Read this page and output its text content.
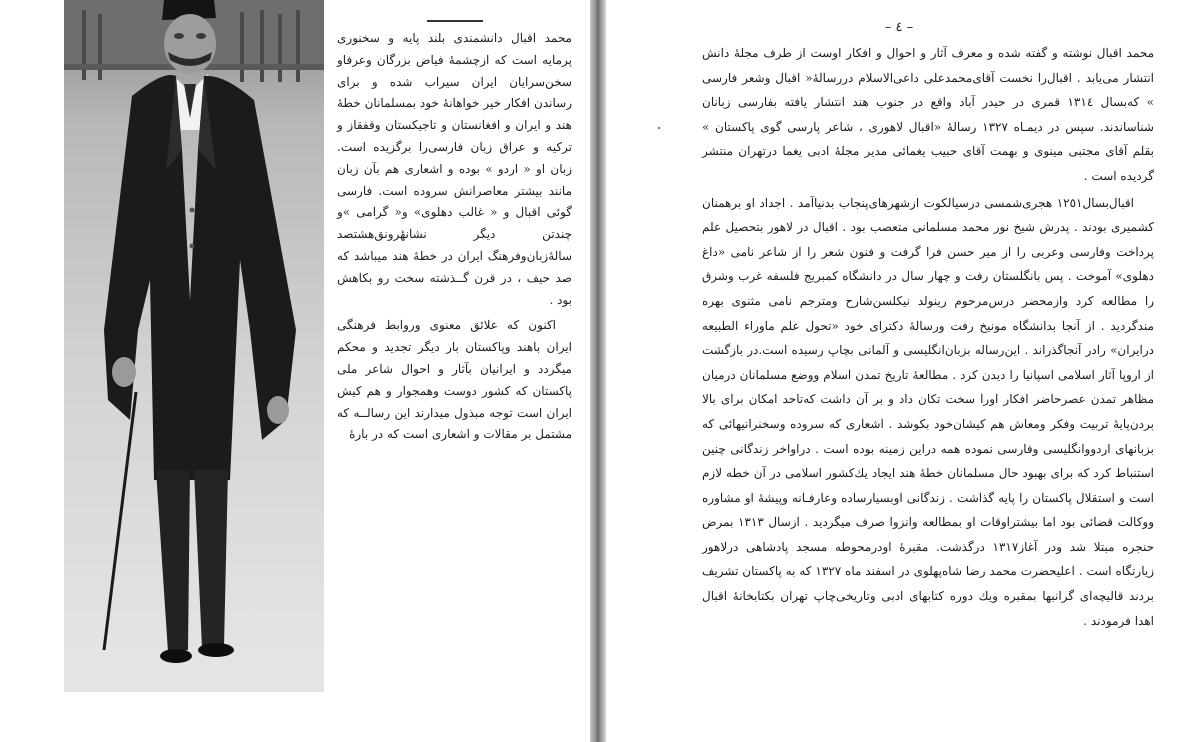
محمد اقبال دانشمندی بلند پایه و سخنوری پرمایه است که ازچشمهٔ فیاض بزرگان وعرفاو سخن‌سرایان ایران سیراب شده و برای رساندن افکار خیر خواهانهٔ خود بمسلمانان خطهٔ هند و ایران و افغانستان و تاجیکستان وقفقاز و ترکیه و عراق زبان فارسی‌را برگزیده است. زبان او « اردو » بوده و اشعاری هم بآن زبان مانند بیشتر معاصرانش سروده است. فارسی گوئی اقبال و « غالب دهلوی» و« گرامی »و چندتن دیگر نشانهٔرونق‌هشتصد ساله‌ٔزبان‌وفرهنگ ایران در خطهٔ هند میباشد که صد حیف ، در قرن گــذشته سخت رو بکاهش بود .

اکنون که علائق معنوی وروابط فرهنگی ایران باهند وپاکستان بار دیگر تجدید و محکم میگردد و ایرانیان بآثار و احوال شاعر ملی پاکستان که کشور دوست وهمجوار و هم کیش ایران است توجه مبذول میدارند این رسالــه که مشتمل بر مقالات و اشعاری است که در بارهٔ

– ٤ –

محمد اقبال نوشته و گفته شده و معرف آثار و احوال و افکار اوست از طرف مجلهٔ دانش انتشار می‌یابد . اقبال‌را نخست آقای‌محمدعلی داعی‌الاسلام دررسالهٔ« اقبال وشعر فارسی » که‌بسال ١٣١٤ قمری در حیدر آباد واقع در جنوب هند انتشار یافته بفارسی زبانان شناساندند. سپس در دیمـاه ١٣٢٧ رسالهٔ «اقبال لاهوری ، شاعر پارسی گوی پاکستان » بقلم آقای مجتبی مینوی و بهمت آقای حبیب یغمائی مدیر مجلهٔ ادبی یغما درتهران منتشر گردیده است .

اقبال‌بسال١٢٥١ هجری‌شمسی درسیالکوت ازشهرهای‌پنجاب بدنیاآمد . اجداد او برهمنان کشمیری بودند . پدرش شیخ نور محمد مسلمانی متعصب بود . اقبال در لاهور بتحصیل علم پرداخت وفارسی وعربی را از میر حسن فرا گرفت و فنون شعر را از شاعر نامی «داغ دهلوی» آموخت . پس بانگلستان رفت و چهار سال در دانشگاه کمبریج فلسفه غرب وشرق را مطالعه کرد وازمحضر درس‌مرحوم رینولد نیکلسن‌شارح ومترجم نامی مثنوی بهره مندگردید . از آنجا بدانشگاه مونیخ رفت ورسالهٔ دکترای خود «تحول علم ماوراء الطبیعه درایران» رادر آنجاگذراند . این‌رساله بزبان‌انگلیسی و آلمانی بچاپ رسیده است.در بازگشت از اروپا آثار اسلامی اسپانیا را دیدن کرد . مطالعهٔ تاریخ تمدن اسلام ووضع مسلمانان درمیان مظاهر تمدن عصرحاضر افکار اورا سخت تکان داد و بر آن داشت که‌تاحد امکان برای بالا بردن‌پایهٔ تربیت وفکر ومعاش هم کیشان‌خود بکوشد . اشعاری که سروده وسخنرانیهائی که بزبانهای اردوو‌انگلیسی وفارسی نموده همه دراین زمینه بوده است . دراواخر زندگانی چنین استنباط کرد که برای بهبود حال مسلمانان خطهٔ هند ایجاد یك‌کشور اسلامی در آن خطه لازم است و استقلال پاکستان را پایه گذاشت . زندگانی اوبسیارساده وعارفـانه وپیشهٔ او مشاوره ووکالت قضائی بود اما بیشتراوقات او بمطالعه وانزوا صرف میگردید . ازسال ١٣١٣ بمرض حنجره مبتلا شد ودر آغاز١٣١٧ درگذشت. مقبرهٔ اودرمحوطه مسجد پادشاهی درلاهور زیارتگاه است . اعلیحضرت محمد رضا شاه‌پهلوی در اسفند ماه ١٣٢٧ که به پاکستان تشریف بردند قالیچه‌ای گرانبها بمقبره ویك دوره کتابهای ادبی وتاریخی‌چاپ تهران بکتابخانهٔ اقبال اهدا فرمودند .
